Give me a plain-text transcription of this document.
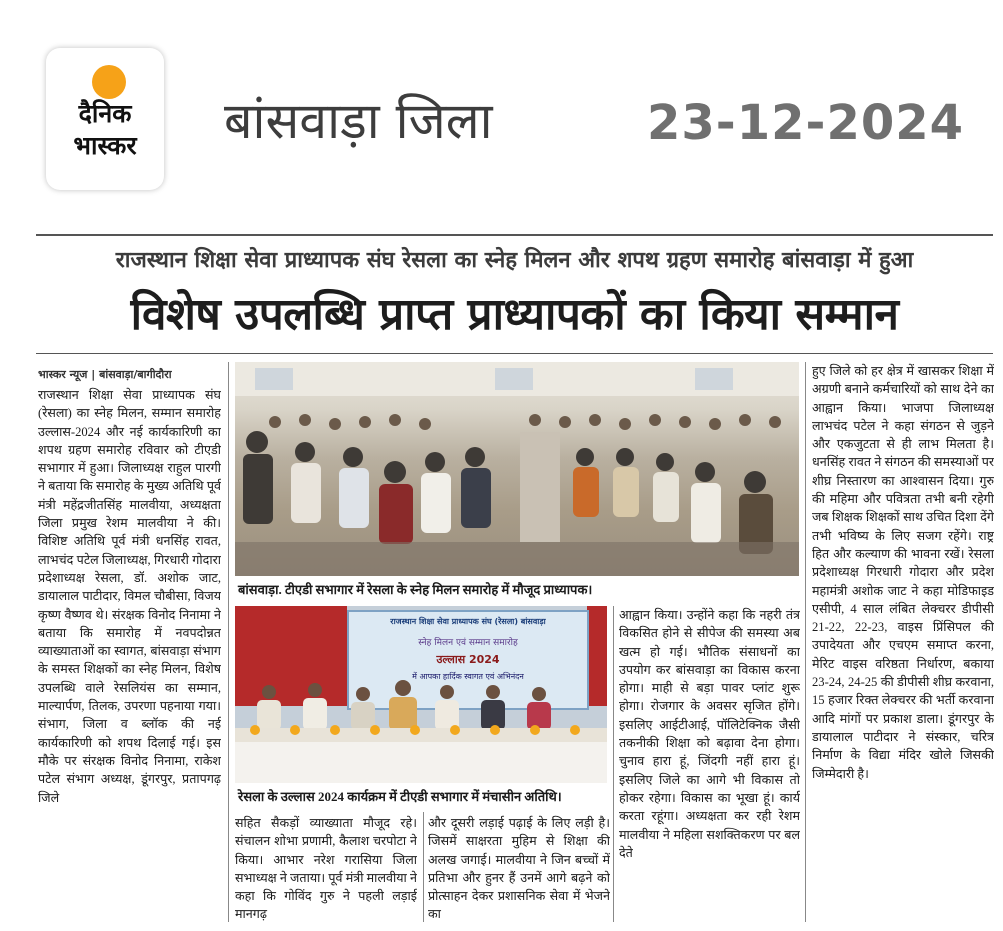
दैनिक
भास्कर	बांसवाड़ा जिला	23-12-2024
राजस्थान शिक्षा सेवा प्राध्यापक संघ रेसला का स्नेह मिलन और शपथ ग्रहण समारोह बांसवाड़ा में हुआ
विशेष उपलब्धि प्राप्त प्राध्यापकों का किया सम्मान
भास्कर न्यूज | बांसवाड़ा/बागीदौरा
राजस्थान शिक्षा सेवा प्राध्यापक संघ (रेसला) का स्नेह मिलन, सम्मान समारोह उल्लास-2024 और नई कार्यकारिणी का शपथ ग्रहण समारोह रविवार को टीएडी सभागार में हुआ। जिलाध्यक्ष राहुल पारगी ने बताया कि समारोह के मुख्य अतिथि पूर्व मंत्री महेंद्रजीतसिंह मालवीया, अध्यक्षता जिला प्रमुख रेशम मालवीया ने की। विशिष्ट अतिथि पूर्व मंत्री धनसिंह रावत, लाभचंद पटेल जिलाध्यक्ष, गिरधारी गोदारा प्रदेशाध्यक्ष रेसला, डॉ. अशोक जाट, डायालाल पाटीदार, विमल चौबीसा, विजय कृष्ण वैष्णव थे। संरक्षक विनोद निनामा ने बताया कि समारोह में नवपदोन्नत व्याख्याताओं का स्वागत, बांसवाड़ा संभाग के समस्त शिक्षकों का स्नेह मिलन, विशेष उपलब्धि वाले रेसलियंस का सम्मान, माल्यार्पण, तिलक, उपरणा पहनाया गया। संभाग, जिला व ब्लॉक की नई कार्यकारिणी को शपथ दिलाई गई। इस मौके पर संरक्षक विनोद निनामा, राकेश पटेल संभाग अध्यक्ष, डूंगरपुर, प्रतापगढ़ जिले
बांसवाड़ा. टीएडी सभागार में रेसला के स्नेह मिलन समारोह में मौजूद प्राध्यापक।
राजस्थान शिक्षा सेवा प्राध्यापक संघ (रेसला) बांसवाड़ा
स्नेह मिलन एवं सम्मान समारोह
उल्लास 2024
में आपका हार्दिक स्वागत एवं अभिनंदन
रेसला के उल्लास 2024 कार्यक्रम में टीएडी सभागार में मंचासीन अतिथि।
सहित सैकड़ों व्याख्याता मौजूद रहे। संचालन शोभा प्रणामी, कैलाश चरपोटा ने किया। आभार नरेश गरासिया जिला सभाध्यक्ष ने जताया। पूर्व मंत्री मालवीया ने कहा कि गोविंद गुरु ने पहली लड़ाई मानगढ़
और दूसरी लड़ाई पढ़ाई के लिए लड़ी है। जिसमें साक्षरता मुहिम से शिक्षा की अलख जगाई। मालवीया ने जिन बच्चों में प्रतिभा और हुनर हैं उनमें आगे बढ़ने को प्रोत्साहन देकर प्रशासनिक सेवा में भेजने का
आह्वान किया। उन्होंने कहा कि नहरी तंत्र विकसित होने से सीपेज की समस्या अब खत्म हो गई। भौतिक संसाधनों का उपयोग कर बांसवाड़ा का विकास करना होगा। माही से बड़ा पावर प्लांट शुरू होगा। रोजगार के अवसर सृजित होंगे। इसलिए आईटीआई, पॉलिटेक्निक जैसी तकनीकी शिक्षा को बढ़ावा देना होगा। चुनाव हारा हूं, जिंदगी नहीं हारा हूं। इसलिए जिले का आगे भी विकास तो होकर रहेगा। विकास का भूखा हूं। कार्य करता रहूंगा। अध्यक्षता कर रही रेशम मालवीया ने महिला सशक्तिकरण पर बल देते
हुए जिले को हर क्षेत्र में खासकर शिक्षा में अग्रणी बनाने कर्मचारियों को साथ देने का आह्वान किया। भाजपा जिलाध्यक्ष लाभचंद पटेल ने कहा संगठन से जुड़ने और एकजुटता से ही लाभ मिलता है। धनसिंह रावत ने संगठन की समस्याओं पर शीघ्र निस्तारण का आश्वासन दिया। गुरु की महिमा और पवित्रता तभी बनी रहेगी जब शिक्षक शिक्षकों साथ उचित दिशा देंगे तभी भविष्य के लिए सजग रहेंगे। राष्ट्र हित और कल्याण की भावना रखें। रेसला प्रदेशाध्यक्ष गिरधारी गोदारा और प्रदेश महामंत्री अशोक जाट ने कहा मोडिफाइड एसीपी, 4 साल लंबित लेक्चरर डीपीसी 21-22, 22-23, वाइस प्रिंसिपल की उपादेयता और एचएम समाप्त करना, मेरिट वाइस वरिष्ठता निर्धारण, बकाया 23-24, 24-25 की डीपीसी शीघ्र करवाना, 15 हजार रिक्त लेक्चरर की भर्ती करवाना आदि मांगों पर प्रकाश डाला। डूंगरपुर के डायालाल पाटीदार ने संस्कार, चरित्र निर्माण के विद्या मंदिर खोले जिसकी जिम्मेदारी है।
